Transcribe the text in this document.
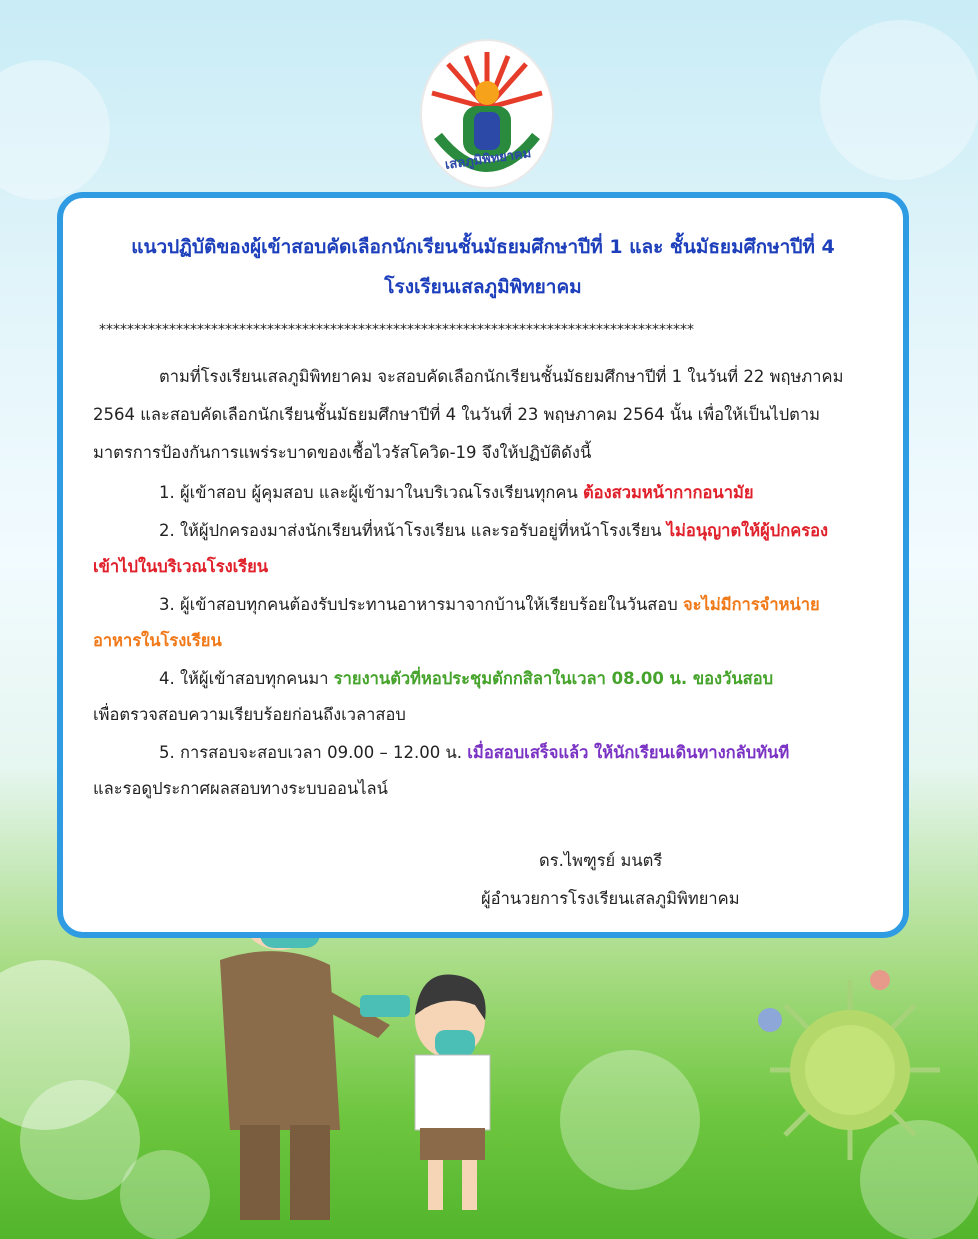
เสลภูมิพิทยาคม
แนวปฏิบัติของผู้เข้าสอบคัดเลือกนักเรียนชั้นมัธยมศึกษาปีที่ 1 และ ชั้นมัธยมศึกษาปีที่ 4
โรงเรียนเสลภูมิพิทยาคม
*************************************************************************************
ตามที่โรงเรียนเสลภูมิพิทยาคม จะสอบคัดเลือกนักเรียนชั้นมัธยมศึกษาปีที่ 1 ในวันที่ 22 พฤษภาคม
2564 และสอบคัดเลือกนักเรียนชั้นมัธยมศึกษาปีที่ 4 ในวันที่ 23 พฤษภาคม 2564 นั้น เพื่อให้เป็นไปตาม
มาตรการป้องกันการแพร่ระบาดของเชื้อไวรัสโควิด-19 จึงให้ปฏิบัติดังนี้
1. ผู้เข้าสอบ ผู้คุมสอบ และผู้เข้ามาในบริเวณโรงเรียนทุกคน ต้องสวมหน้ากากอนามัย
2. ให้ผู้ปกครองมาส่งนักเรียนที่หน้าโรงเรียน และรอรับอยู่ที่หน้าโรงเรียน ไม่อนุญาตให้ผู้ปกครอง
เข้าไปในบริเวณโรงเรียน
3. ผู้เข้าสอบทุกคนต้องรับประทานอาหารมาจากบ้านให้เรียบร้อยในวันสอบ จะไม่มีการจำหน่าย
อาหารในโรงเรียน
4. ให้ผู้เข้าสอบทุกคนมา รายงานตัวที่หอประชุมตักกสิลาในเวลา 08.00 น. ของวันสอบ
เพื่อตรวจสอบความเรียบร้อยก่อนถึงเวลาสอบ
5. การสอบจะสอบเวลา 09.00 – 12.00 น. เมื่อสอบเสร็จแล้ว ให้นักเรียนเดินทางกลับทันที
และรอดูประกาศผลสอบทางระบบออนไลน์
ดร.ไพฑูรย์ มนตรี
ผู้อำนวยการโรงเรียนเสลภูมิพิทยาคม
